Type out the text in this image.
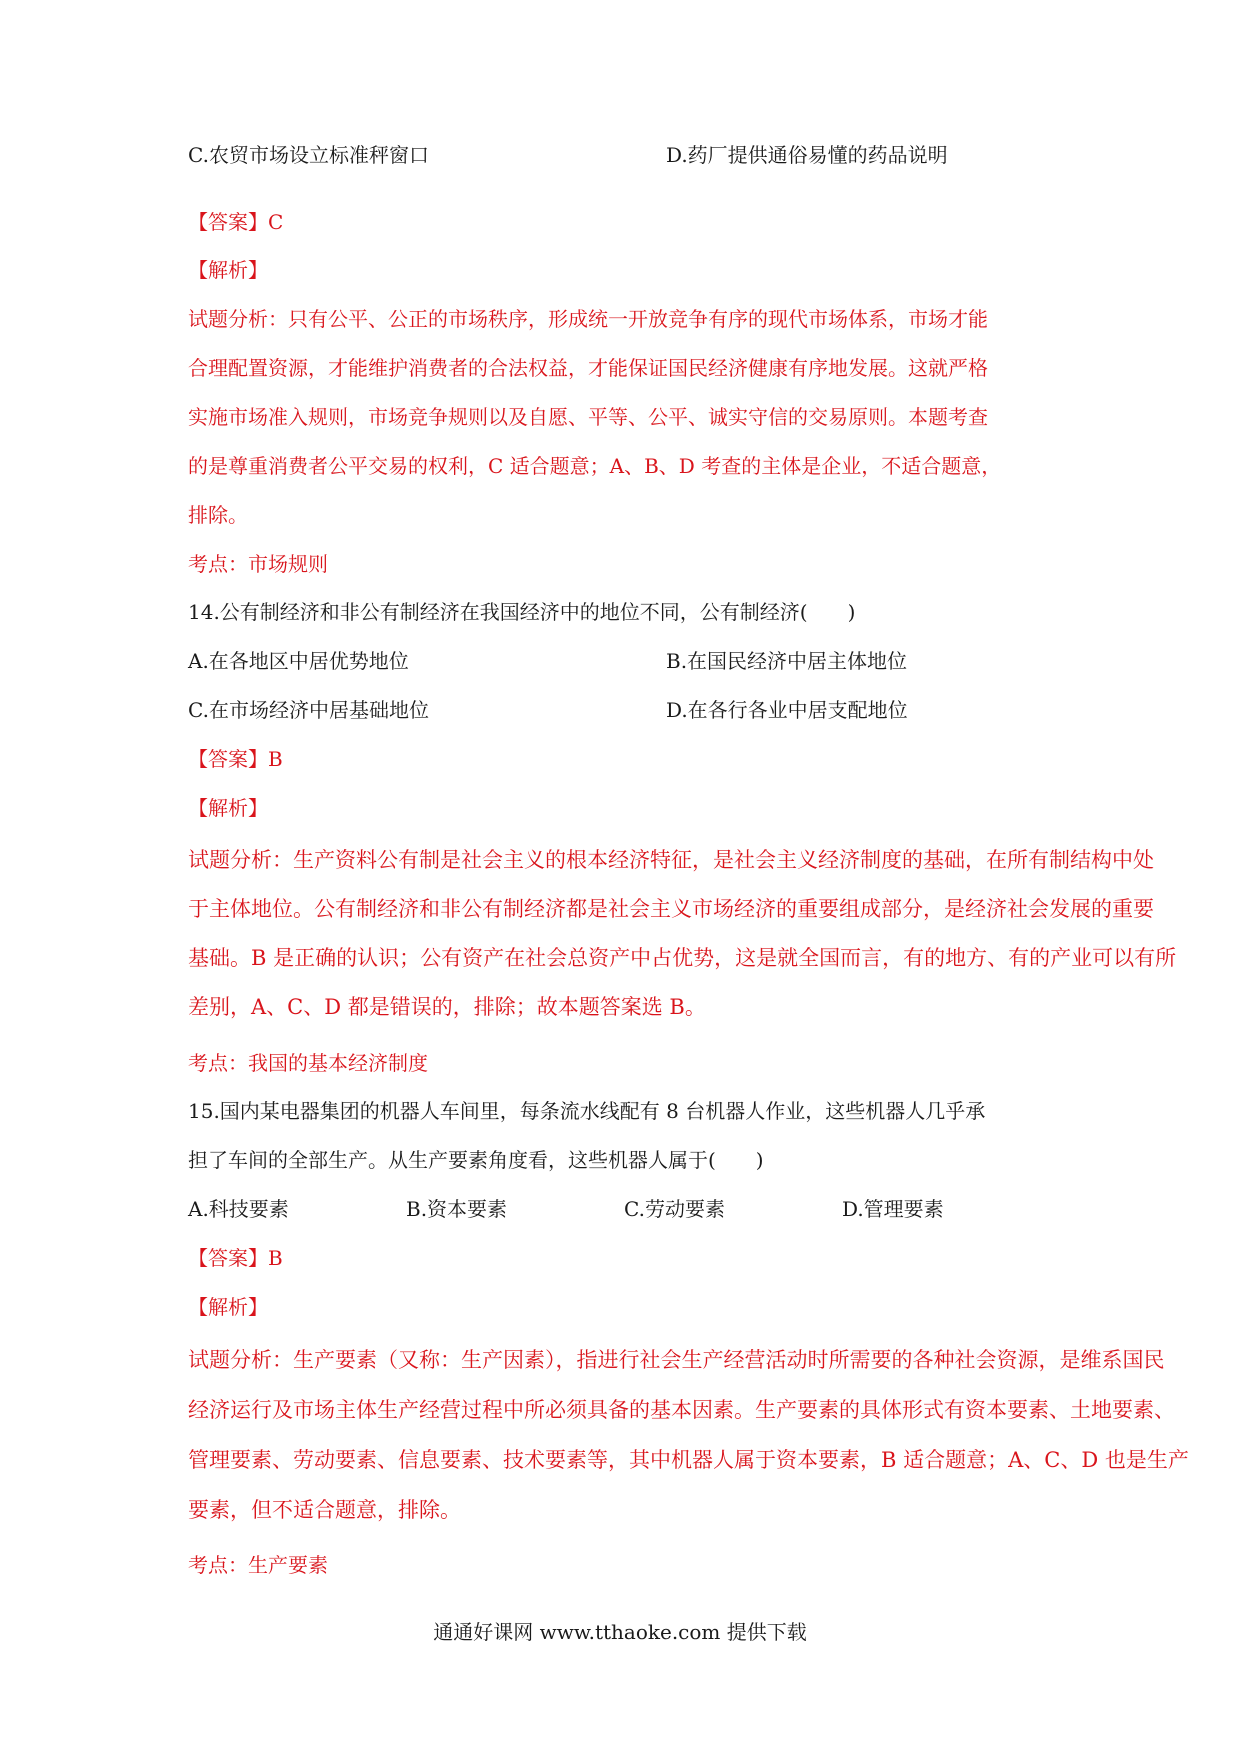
C.农贸市场设立标准秤窗口	D.药厂提供通俗易懂的药品说明
【答案】C
【解析】
试题分析：只有公平、公正的市场秩序，形成统一开放竞争有序的现代市场体系，市场才能
合理配置资源，才能维护消费者的合法权益，才能保证国民经济健康有序地发展。这就严格
实施市场准入规则，市场竞争规则以及自愿、平等、公平、诚实守信的交易原则。本题考查
的是尊重消费者公平交易的权利，C 适合题意；A、B、D 考查的主体是企业，不适合题意，
排除。
考点：市场规则
14.公有制经济和非公有制经济在我国经济中的地位不同，公有制经济(　　)
A.在各地区中居优势地位	B.在国民经济中居主体地位
C.在市场经济中居基础地位	D.在各行各业中居支配地位
【答案】B
【解析】
试题分析：生产资料公有制是社会主义的根本经济特征，是社会主义经济制度的基础，在所有制结构中处
于主体地位。公有制经济和非公有制经济都是社会主义市场经济的重要组成部分，是经济社会发展的重要
基础。B 是正确的认识；公有资产在社会总资产中占优势，这是就全国而言，有的地方、有的产业可以有所
差别，A、C、D 都是错误的，排除；故本题答案选 B。
考点：我国的基本经济制度
15.国内某电器集团的机器人车间里，每条流水线配有 8 台机器人作业，这些机器人几乎承
担了车间的全部生产。从生产要素角度看，这些机器人属于(　　)
A.科技要素	B.资本要素	C.劳动要素	D.管理要素
【答案】B
【解析】
试题分析：生产要素（又称：生产因素），指进行社会生产经营活动时所需要的各种社会资源，是维系国民
经济运行及市场主体生产经营过程中所必须具备的基本因素。生产要素的具体形式有资本要素、土地要素、
管理要素、劳动要素、信息要素、技术要素等，其中机器人属于资本要素，B 适合题意；A、C、D 也是生产
要素，但不适合题意，排除。
考点：生产要素
通通好课网 www.tthaoke.com 提供下载
